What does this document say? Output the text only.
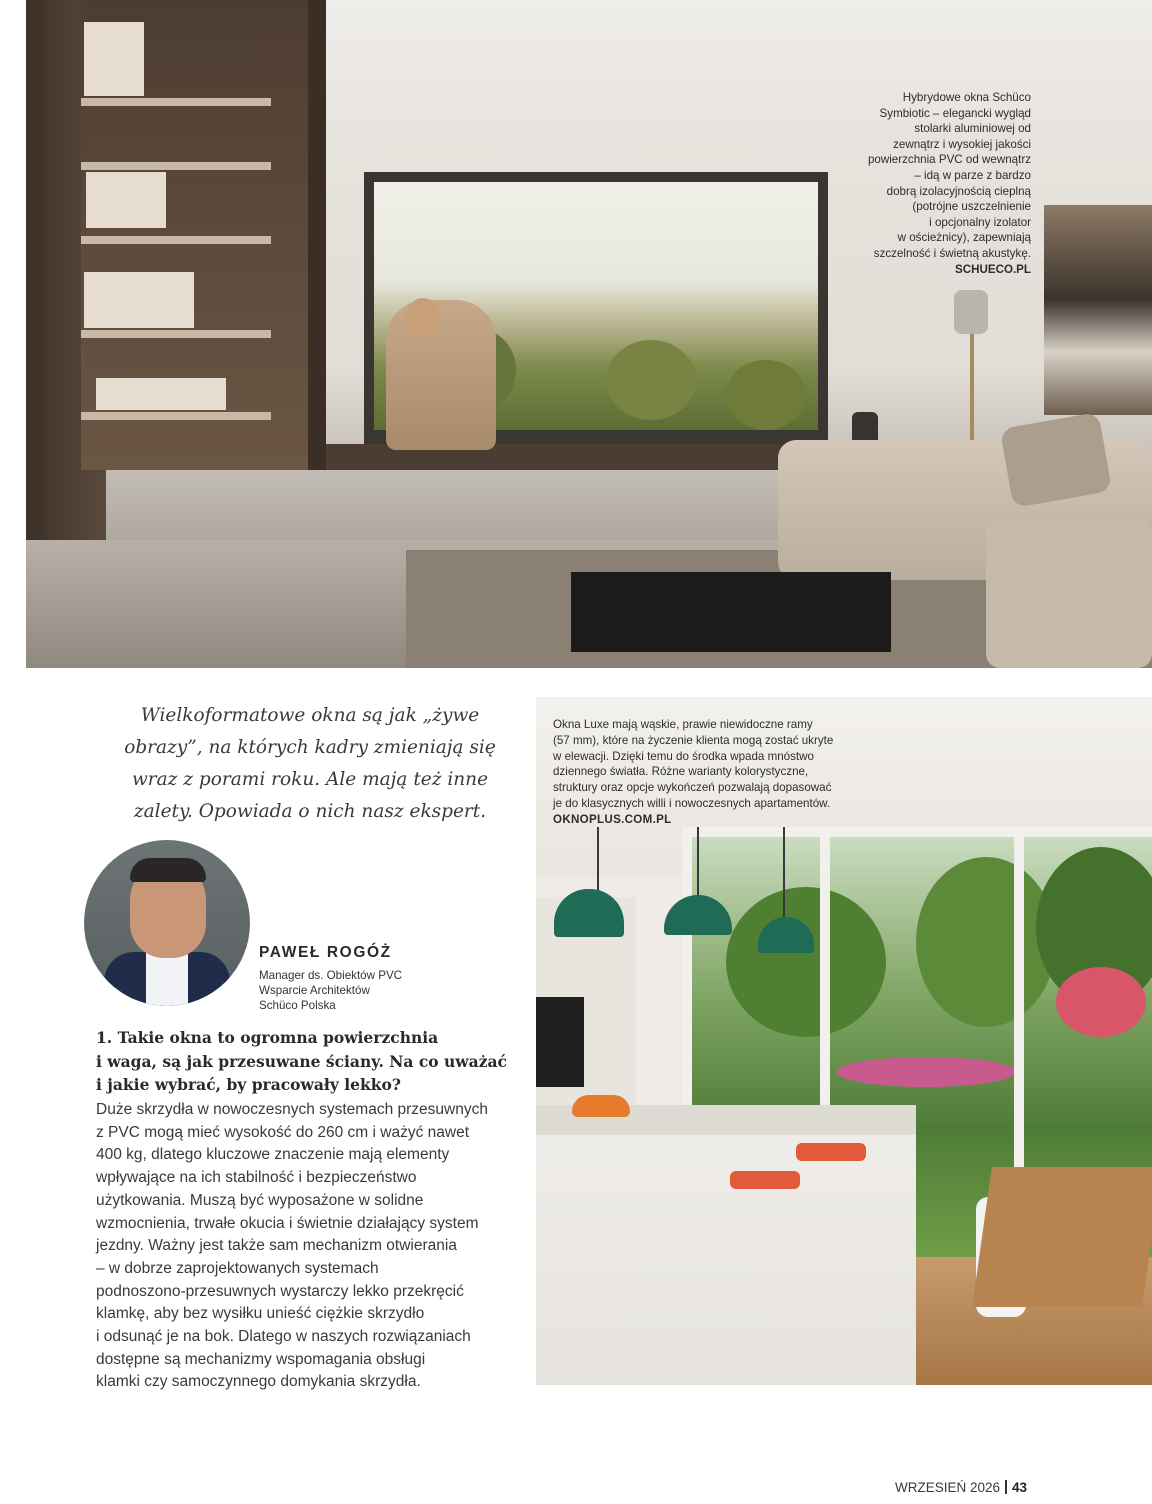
Hybrydowe okna Schüco
Symbiotic – elegancki wygląd
stolarki aluminiowej od
zewnątrz i wysokiej jakości
powierzchnia PVC od wewnątrz
– idą w parze z bardzo
dobrą izolacyjnością cieplną
(potrójne uszczelnienie
i opcjonalny izolator
w ościeżnicy), zapewniają
szczelność i świetną akustykę.
SCHUECO.PL
Wielkoformatowe okna są jak „żywe
obrazy”, na których kadry zmieniają się
wraz z porami roku. Ale mają też inne
zalety. Opowiada o nich nasz ekspert.
PAWEŁ ROGÓŻ
Manager ds. Obiektów PVC
Wsparcie Architektów
Schüco Polska
1. Takie okna to ogromna powierzchnia
i waga, są jak przesuwane ściany. Na co uważać
i jakie wybrać, by pracowały lekko?
Duże skrzydła w nowoczesnych systemach przesuwnych
z PVC mogą mieć wysokość do 260 cm i ważyć nawet
400 kg, dlatego kluczowe znaczenie mają elementy
wpływające na ich stabilność i bezpieczeństwo
użytkowania. Muszą być wyposażone w solidne
wzmocnienia, trwałe okucia i świetnie działający system
jezdny. Ważny jest także sam mechanizm otwierania
– w dobrze zaprojektowanych systemach
podnoszono-przesuwnych wystarczy lekko przekręcić
klamkę, aby bez wysiłku unieść ciężkie skrzydło
i odsunąć je na bok. Dlatego w naszych rozwiązaniach
dostępne są mechanizmy wspomagania obsługi
klamki czy samoczynnego domykania skrzydła.
Okna Luxe mają wąskie, prawie niewidoczne ramy
(57 mm), które na życzenie klienta mogą zostać ukryte
w elewacji. Dzięki temu do środka wpada mnóstwo
dziennego światła. Różne warianty kolorystyczne,
struktury oraz opcje wykończeń pozwalają dopasować
je do klasycznych willi i nowoczesnych apartamentów.
OKNOPLUS.COM.PL
WRZESIEŃ 2026 43
